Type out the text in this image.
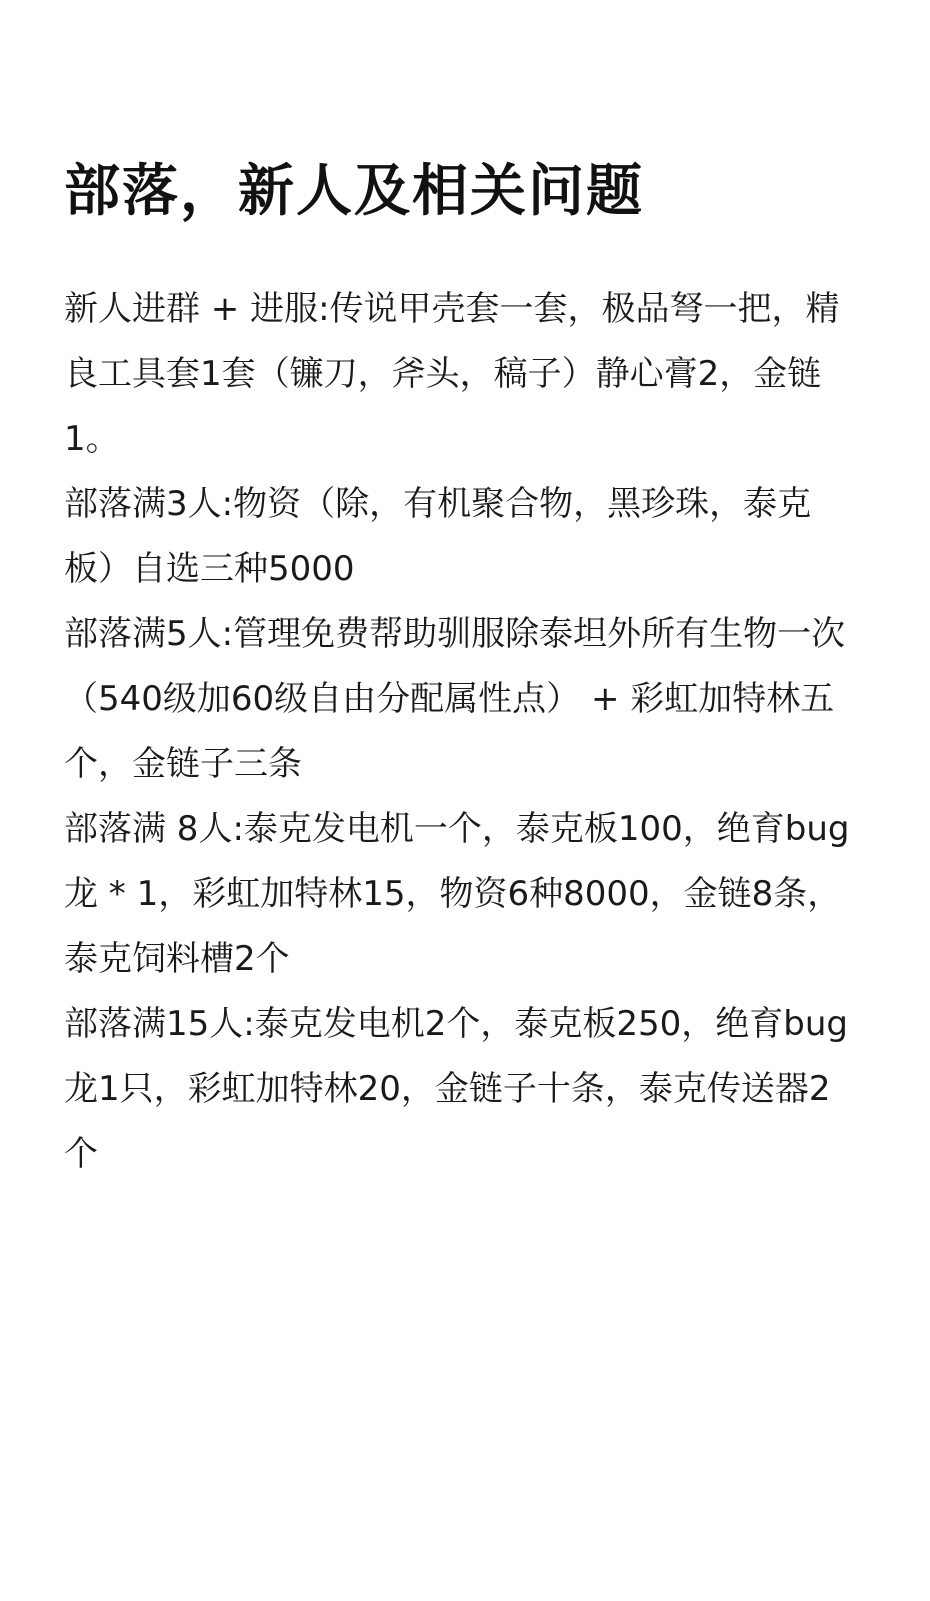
部落，新人及相关问题

新人进群 + 进服:传说甲壳套一套，极品弩一把，精良工具套1套（镰刀，斧头，稿子）静心膏2，金链1。

部落满3人:物资（除，有机聚合物，黑珍珠，泰克板）自选三种5000

部落满5人:管理免费帮助驯服除泰坦外所有生物一次（540级加60级自由分配属性点） + 彩虹加特林五个，金链子三条

部落满 8人:泰克发电机一个，泰克板100，绝育bug龙 * 1，彩虹加特林15，物资6种8000，金链8条，泰克饲料槽2个

部落满15人:泰克发电机2个，泰克板250，绝育bug龙1只，彩虹加特林20，金链子十条，泰克传送器2个
